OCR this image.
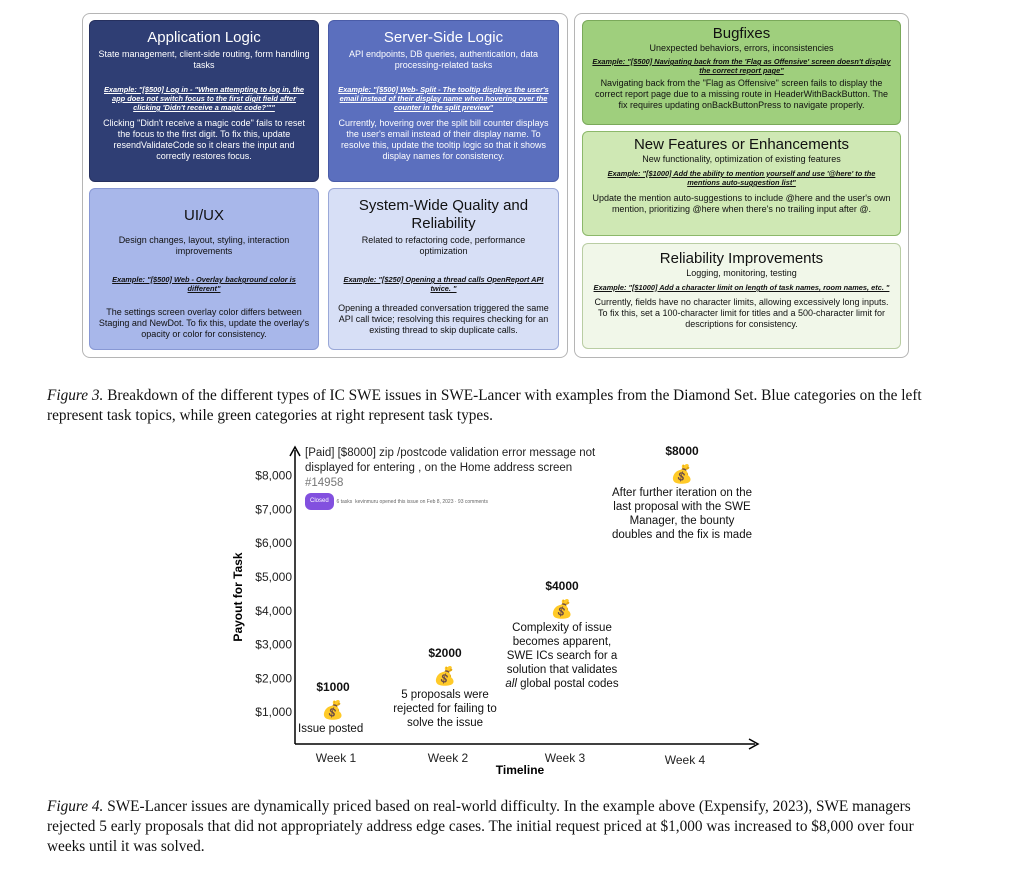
Application Logic
State management, client-side routing, form handling tasks
Example: "[$500] Log in - "When attempting to log in, the app does not switch focus to the first digit field after clicking 'Didn't receive a magic code?'""
Clicking "Didn't receive a magic code" fails to reset the focus to the first digit. To fix this, update resendValidateCode so it clears the input and correctly restores focus.
Server-Side Logic
API endpoints, DB queries, authentication, data processing-related tasks
Example: "[$500] Web- Split - The tooltip displays the user's email instead of their display name when hovering over the counter in the split preview"
Currently, hovering over the split bill counter displays the user's email instead of their display name. To resolve this, update the tooltip logic so that it shows display names for consistency.
UI/UX
Design changes, layout, styling, interaction improvements
Example: "[$500] Web - Overlay background color is different"
The settings screen overlay color differs between Staging and NewDot. To fix this, update the overlay's opacity or color for consistency.
System-Wide Quality and Reliability
Related to refactoring code, performance optimization
Example: "[$250] Opening a thread calls OpenReport API twice. "
Opening a threaded conversation triggered the same API call twice; resolving this requires checking for an existing thread to skip duplicate calls.
Bugfixes
Unexpected behaviors, errors, inconsistencies
Example: "[$500] Navigating back from the 'Flag as Offensive' screen doesn't display the correct report page"
Navigating back from the "Flag as Offensive" screen fails to display the correct report page due to a missing route in HeaderWithBackButton. The fix requires updating onBackButtonPress to navigate properly.
New Features or Enhancements
New functionality, optimization of existing features
Example: "[$1000] Add the ability to mention yourself and use '@here' to the mentions auto-suggestion list"
Update the mention auto-suggestions to include @here and the user's own mention, prioritizing @here when there's no trailing input after @.
Reliability Improvements
Logging, monitoring, testing
Example: "[$1000] Add a character limit on length of task names, room names, etc. "
Currently, fields have no character limits, allowing excessively long inputs. To fix this, set a 100-character limit for titles and a 500-character limit for descriptions for consistency.
Figure 3. Breakdown of the different types of IC SWE issues in SWE-Lancer with examples from the Diamond Set. Blue categories on the left represent task topics, while green categories at right represent task types.
$1,000
$2,000
$3,000
$4,000
$5,000
$6,000
$7,000
$8,000
Week 1	Week 2	Week 3	Week 4
Timeline
Payout for Task
[Paid] [$8000] zip /postcode validation error message not displayed for entering , on the Home address screen #14958
Closed 6 tasks kevinmuru opened this issue on Feb 8, 2023 · 93 comments
$1000
💰
Issue posted
$2000
💰
5 proposals were rejected for failing to solve the issue
$4000
💰
Complexity of issue becomes apparent, SWE ICs search for a solution that validates all global postal codes
$8000
💰
After further iteration on the last proposal with the SWE Manager, the bounty doubles and the fix is made
Figure 4. SWE-Lancer issues are dynamically priced based on real-world difficulty. In the example above (Expensify, 2023), SWE managers rejected 5 early proposals that did not appropriately address edge cases. The initial request priced at $1,000 was increased to $8,000 over four weeks until it was solved.
